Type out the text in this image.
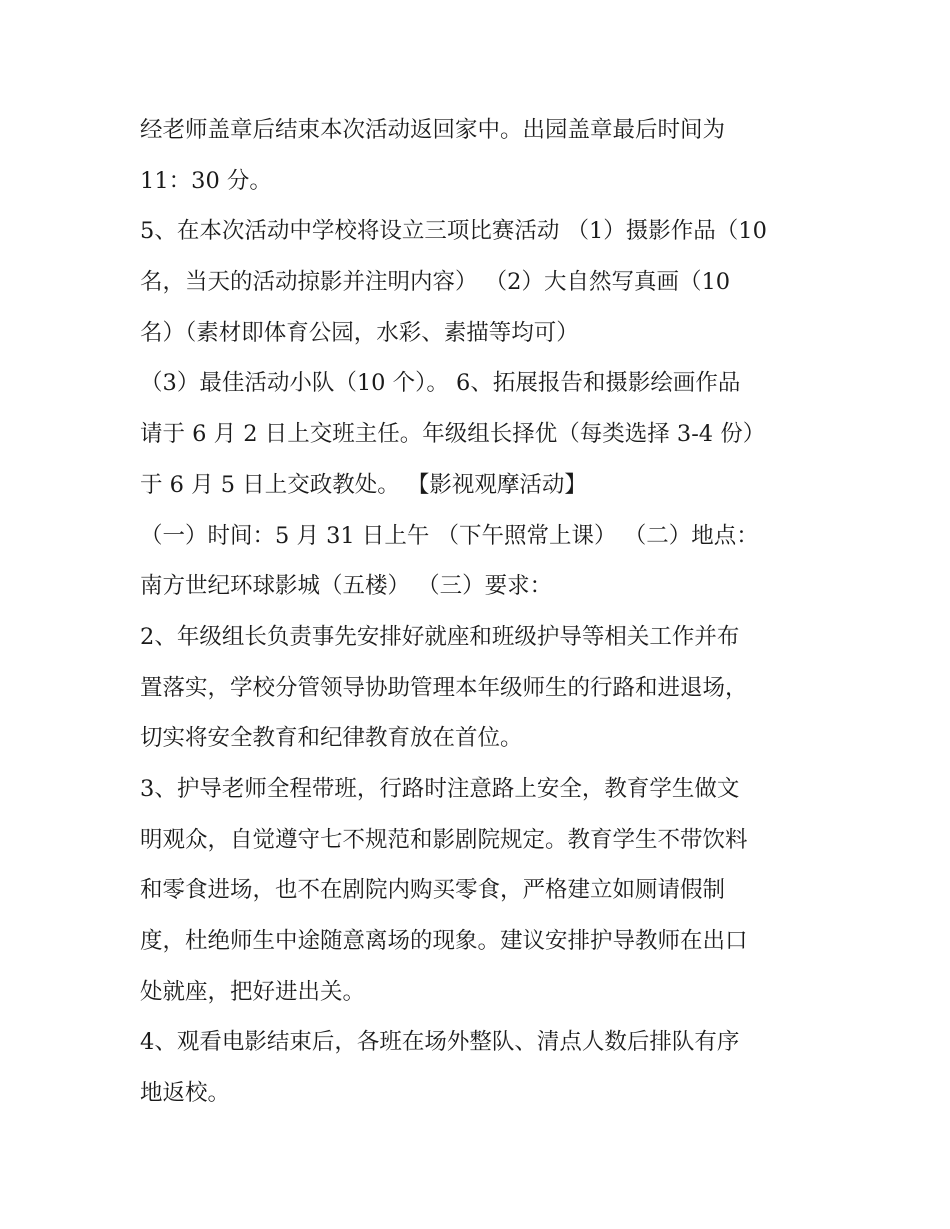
经老师盖章后结束本次活动返回家中。出园盖章最后时间为
11：30 分。
5、在本次活动中学校将设立三项比赛活动 （1）摄影作品（10
名，当天的活动掠影并注明内容） （2）大自然写真画（10
名）（素材即体育公园，水彩、素描等均可）
（3）最佳活动小队（10 个）。 6、拓展报告和摄影绘画作品
请于 6 月 2 日上交班主任。年级组长择优（每类选择 3-4 份）
于 6 月 5 日上交政教处。 【影视观摩活动】
（一）时间：5 月 31 日上午 （下午照常上课） （二）地点：
南方世纪环球影城（五楼） （三）要求：
2、年级组长负责事先安排好就座和班级护导等相关工作并布
置落实，学校分管领导协助管理本年级师生的行路和进退场，
切实将安全教育和纪律教育放在首位。
3、护导老师全程带班，行路时注意路上安全，教育学生做文
明观众，自觉遵守七不规范和影剧院规定。教育学生不带饮料
和零食进场，也不在剧院内购买零食，严格建立如厕请假制
度，杜绝师生中途随意离场的现象。建议安排护导教师在出口
处就座，把好进出关。
4、观看电影结束后，各班在场外整队、清点人数后排队有序
地返校。
